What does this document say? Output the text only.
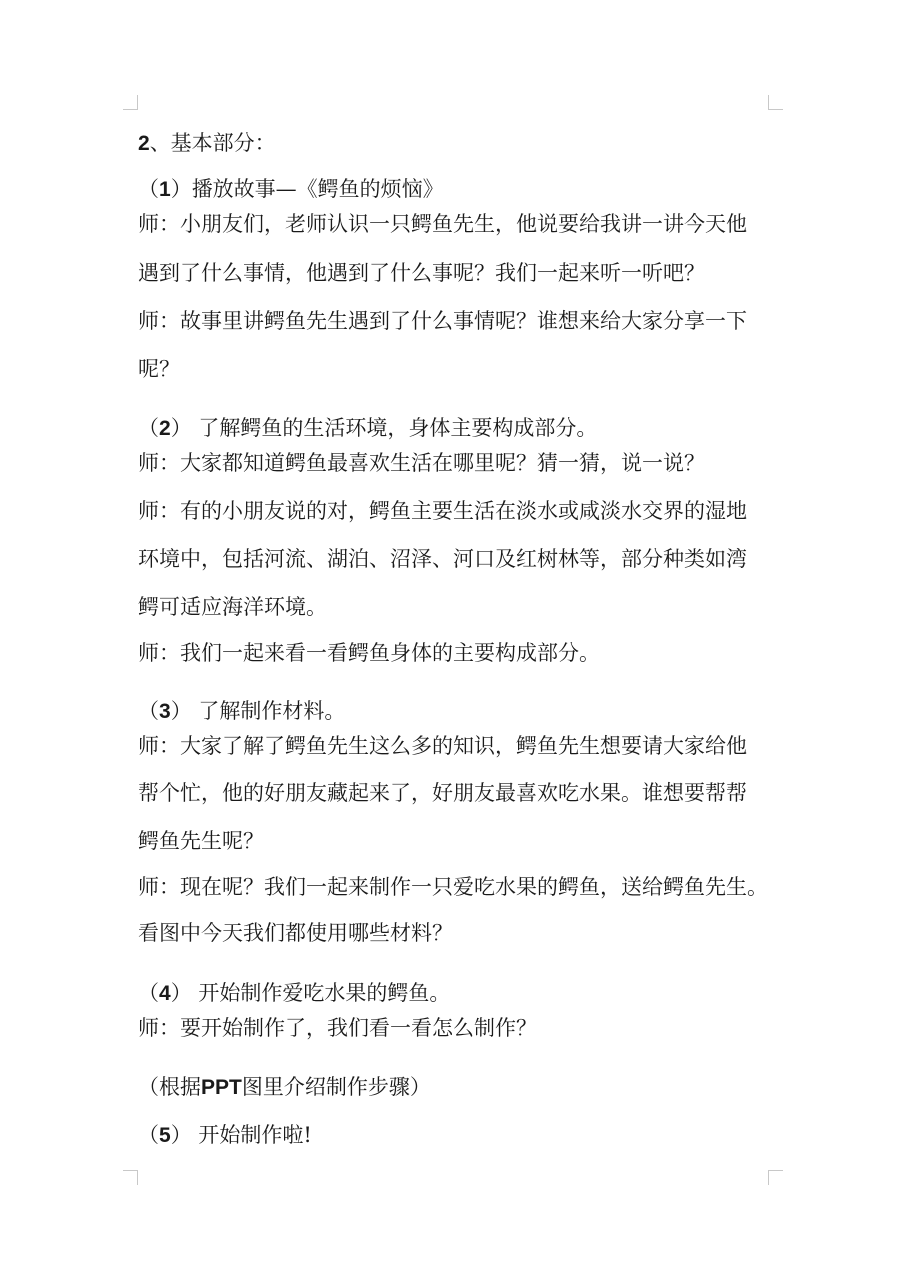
2、基本部分：
（1）播放故事—《鳄鱼的烦恼》
师：小朋友们，老师认识一只鳄鱼先生，他说要给我讲一讲今天他
遇到了什么事情，他遇到了什么事呢？我们一起来听一听吧？
师：故事里讲鳄鱼先生遇到了什么事情呢？谁想来给大家分享一下
呢？
（2） 了解鳄鱼的生活环境，身体主要构成部分。
师：大家都知道鳄鱼最喜欢生活在哪里呢？猜一猜，说一说？
师：有的小朋友说的对，鳄鱼主要生活在淡水或咸淡水交界的湿地
环境中，包括河流、湖泊、沼泽、河口及红树林等，部分种类如湾
鳄可适应海洋环境。
师：我们一起来看一看鳄鱼身体的主要构成部分。
（3） 了解制作材料。
师：大家了解了鳄鱼先生这么多的知识，鳄鱼先生想要请大家给他
帮个忙，他的好朋友藏起来了，好朋友最喜欢吃水果。谁想要帮帮
鳄鱼先生呢？
师：现在呢？我们一起来制作一只爱吃水果的鳄鱼，送给鳄鱼先生。
看图中今天我们都使用哪些材料？
（4） 开始制作爱吃水果的鳄鱼。
师：要开始制作了，我们看一看怎么制作？
（根据PPT图里介绍制作步骤）
（5） 开始制作啦!
